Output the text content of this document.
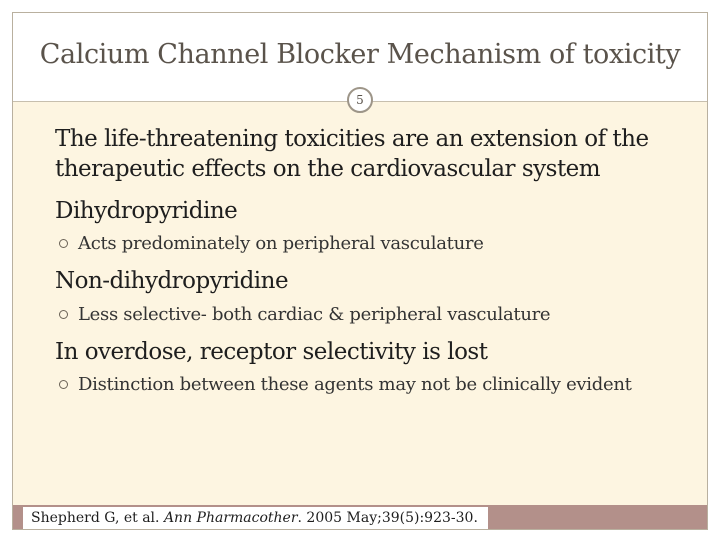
Calcium Channel Blocker Mechanism of toxicity
5
The life-threatening toxicities are an extension of the
therapeutic effects on the cardiovascular system
Dihydropyridine
Acts predominately on peripheral vasculature
Non-dihydropyridine
Less selective- both cardiac & peripheral vasculature
In overdose, receptor selectivity is lost
Distinction between these agents may not be clinically evident
Shepherd G, et al. Ann Pharmacother. 2005 May;39(5):923-30.
